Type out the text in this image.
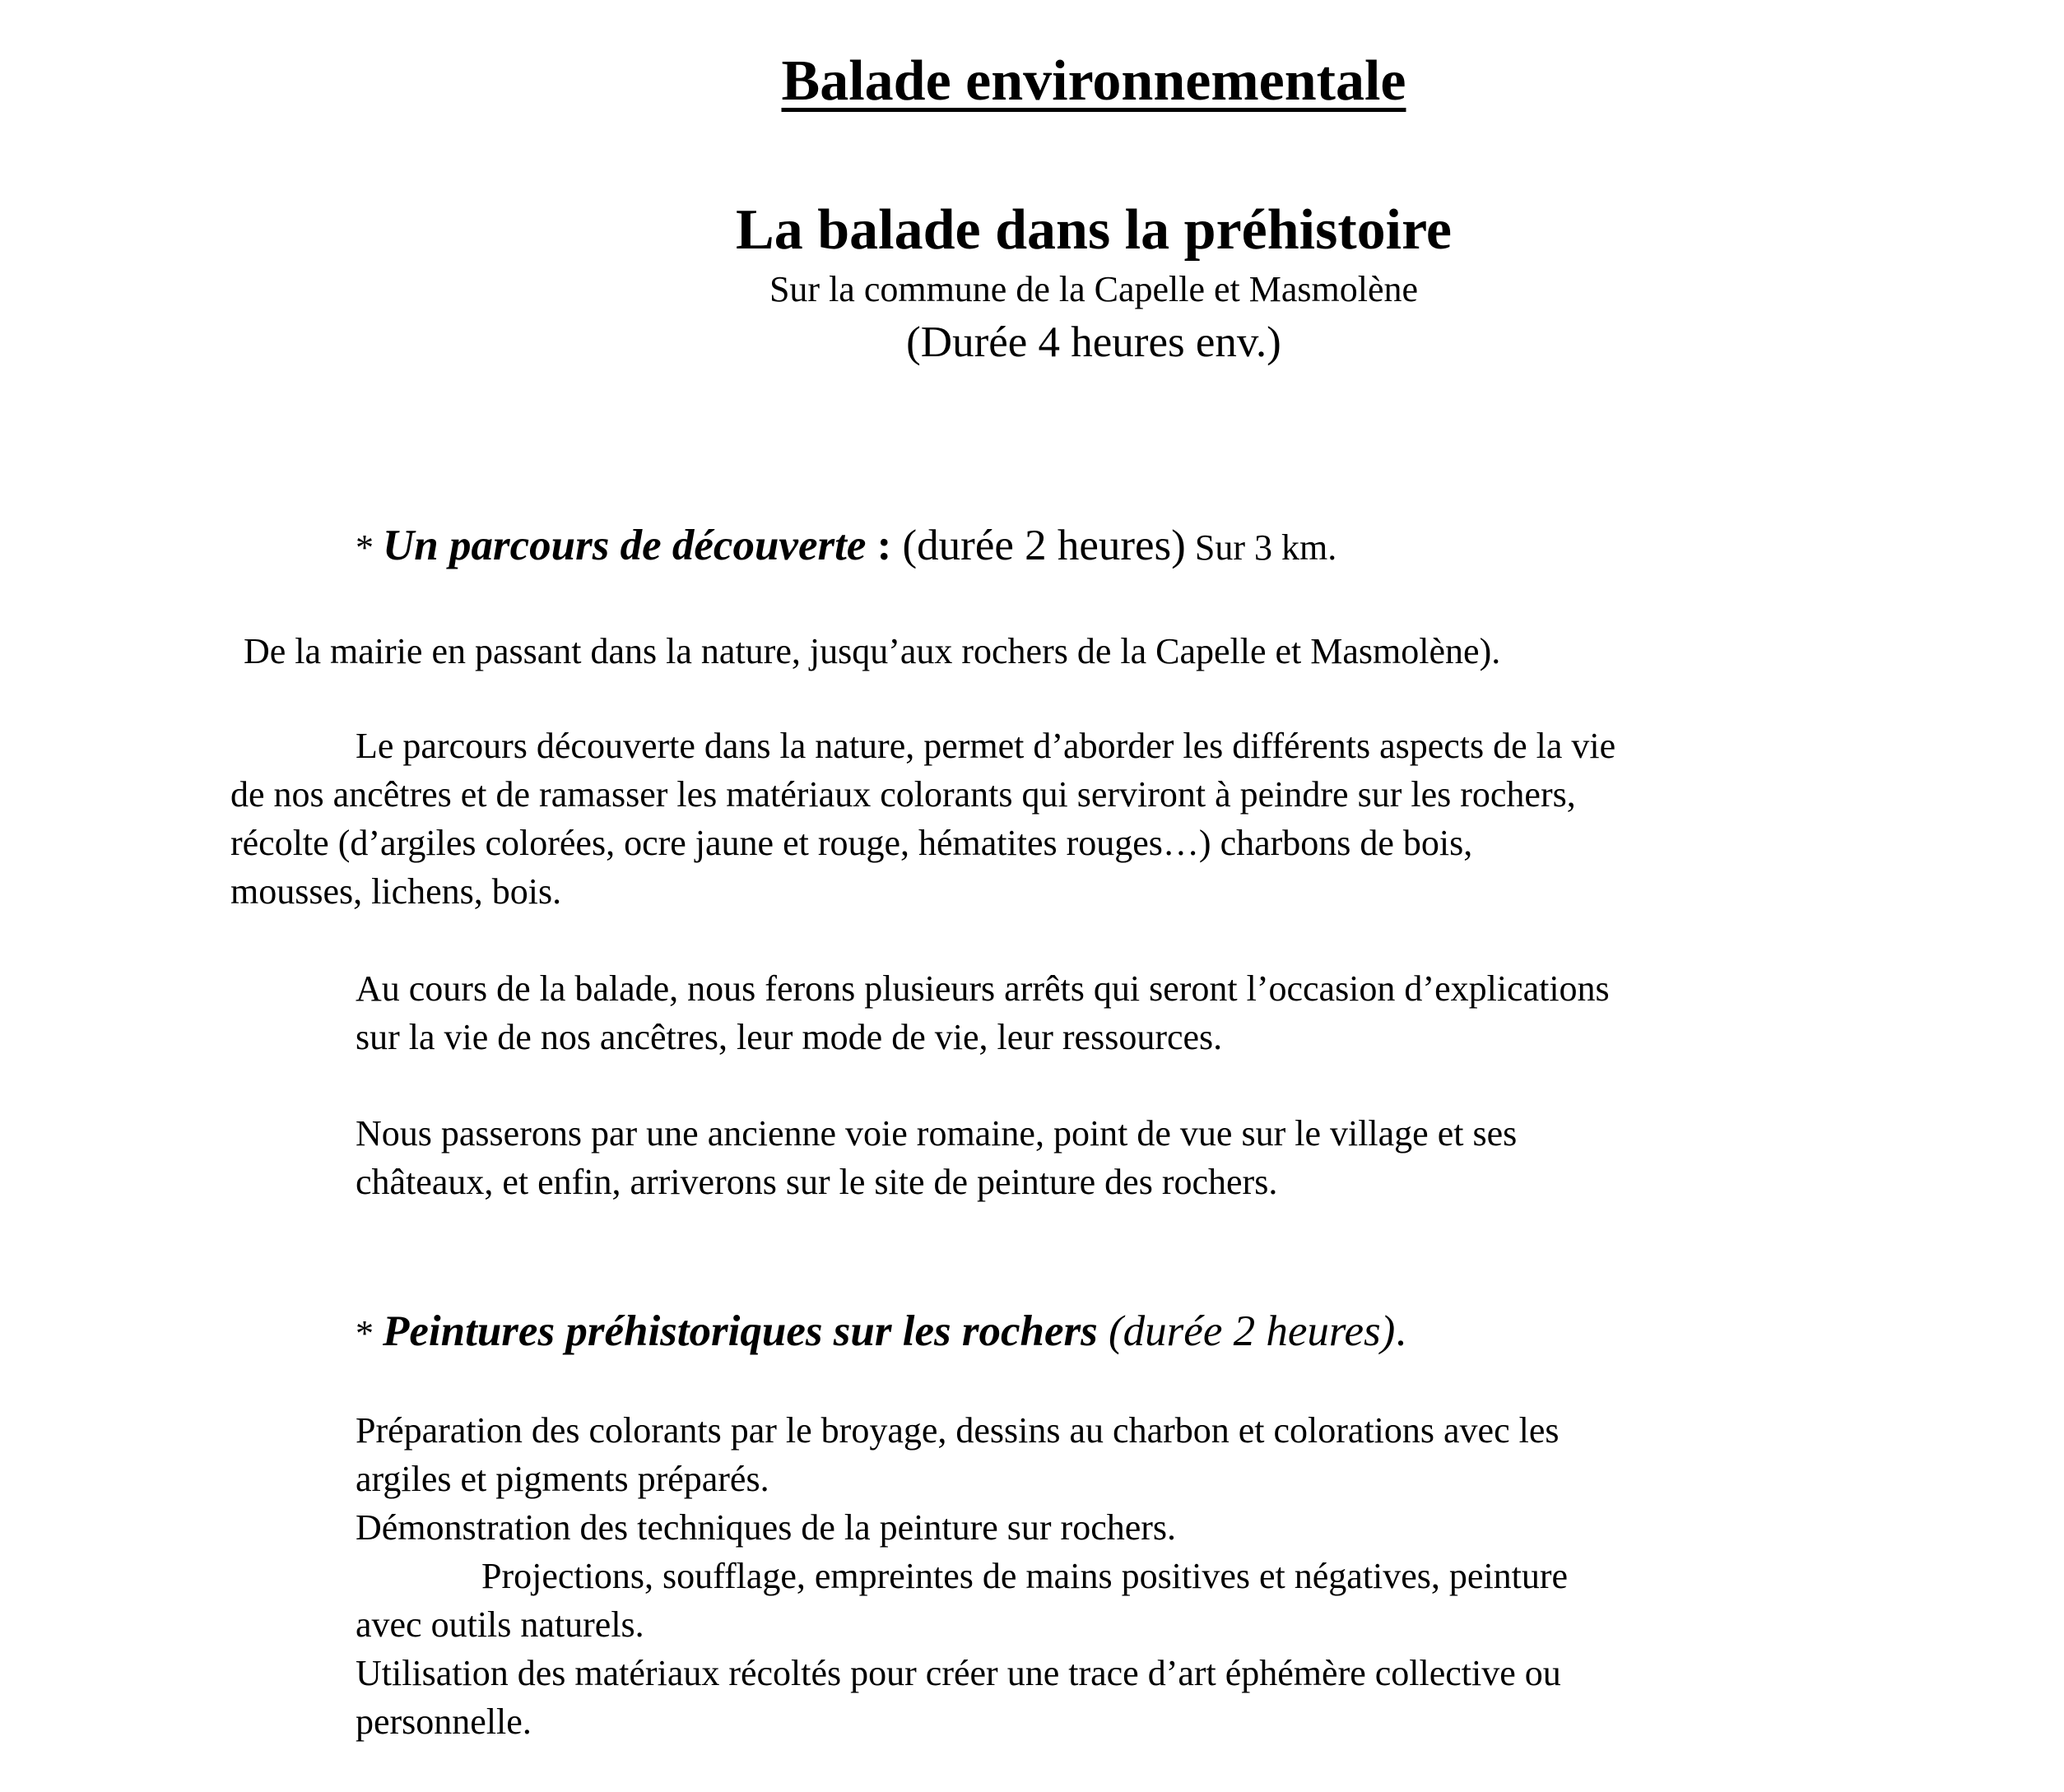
Balade environnementale
La balade dans la préhistoire
Sur la commune de la Capelle et Masmolène
(Durée 4 heures env.)
* Un parcours de découverte : (durée 2 heures) Sur 3 km.
De la mairie en passant dans la nature, jusqu’aux rochers de la Capelle et Masmolène).
Le parcours découverte dans la nature, permet d’aborder les différents aspects de la vie
de nos ancêtres et de ramasser les matériaux colorants qui serviront à peindre sur les rochers,
récolte (d’argiles colorées, ocre jaune et rouge, hématites rouges…) charbons de bois,
mousses, lichens, bois.
Au cours de la balade, nous ferons plusieurs arrêts qui seront l’occasion d’explications
sur la vie de nos ancêtres, leur mode de vie, leur ressources.
Nous passerons par une ancienne voie romaine, point de vue sur le village et ses
châteaux, et enfin, arriverons sur le site de peinture des rochers.
* Peintures préhistoriques sur les rochers (durée 2 heures).
Préparation des colorants par le broyage, dessins au charbon et colorations avec les
argiles et pigments préparés.
Démonstration des techniques de la peinture sur rochers.
Projections, soufflage, empreintes de mains positives et négatives, peinture
avec outils naturels.
Utilisation des matériaux récoltés pour créer une trace d’art éphémère collective ou
personnelle.
